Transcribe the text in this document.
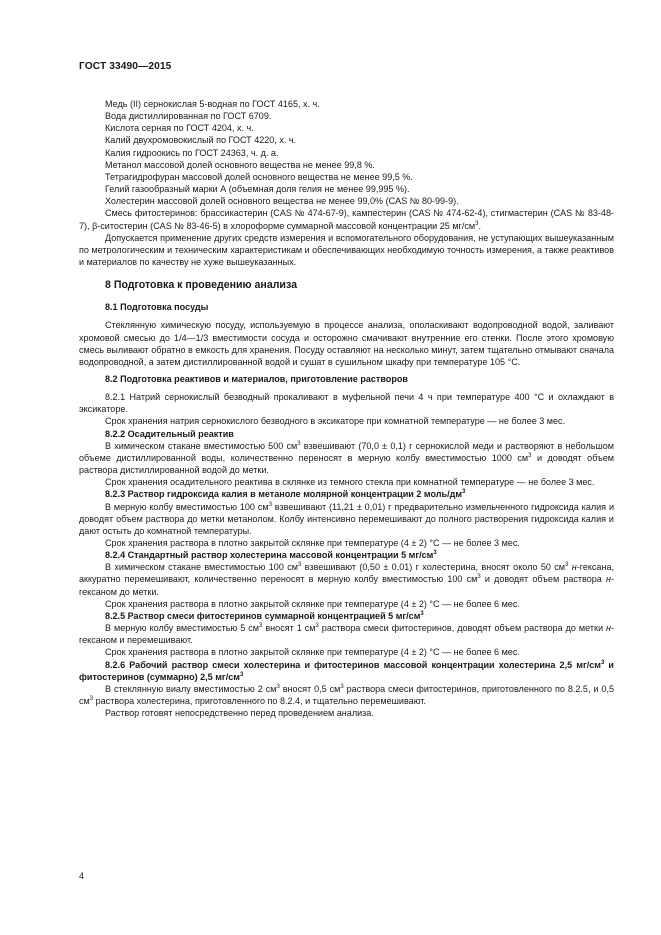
ГОСТ 33490—2015

Медь (II) сернокислая 5-водная по ГОСТ 4165, х. ч.

Вода дистиллированная по ГОСТ 6709.

Кислота серная по ГОСТ 4204, х. ч.

Калий двухромовокислый по ГОСТ 4220, х. ч.

Калия гидроокись по ГОСТ 24363, ч. д. а.

Метанол массовой долей основного вещества не менее 99,8 %.

Тетрагидрофуран массовой долей основного вещества не менее 99,5 %.

Гелий газообразный марки А (объемная доля гелия не менее 99,995 %).

Холестерин массовой долей основного вещества не менее 99,0% (CAS № 80-99-9).

Смесь фитостеринов: брассикастерин (CAS № 474-67-9), кампестерин (CAS № 474-62-4), стигмастерин (CAS № 83-48-7), β-ситостерин (CAS № 83-46-5) в хлороформе суммарной массовой концентрации 25 $мг/см^3$.

Допускается применение других средств измерения и вспомогательного оборудования, не уступающих вышеуказанным по метрологическим и техническим характеристикам и обеспечивающих необходимую точность измерения, а также реактивов и материалов по качеству не хуже вышеуказанных.

8 Подготовка к проведению анализа

8.1 Подготовка посуды

Стеклянную химическую посуду, используемую в процессе анализа, ополаскивают водопроводной водой, заливают хромовой смесью до 1/4—1/3 вместимости сосуда и осторожно смачивают внутренние его стенки. После этого хромовую смесь выливают обратно в емкость для хранения. Посуду оставляют на несколько минут, затем тщательно отмывают сначала водопроводной, а затем дистиллированной водой и сушат в сушильном шкафу при температуре 105 °С.

8.2 Подготовка реактивов и материалов, приготовление растворов

8.2.1 Натрий сернокислый безводный прокаливают в муфельной печи 4 ч при температуре 400 °С и охлаждают в эксикаторе.

Срок хранения натрия сернокислого безводного в эксикаторе при комнатной температуре — не более 3 мес.

8.2.2 Осадительный реактив

В химическом стакане вместимостью 500 $см^3$ взвешивают (70,0 ± 0,1) г сернокислой меди и растворяют в небольшом объеме дистиллированной воды, количественно переносят в мерную колбу вместимостью 1000 $см^3$ и доводят объем раствора дистиллированной водой до метки.

Срок хранения осадительного реактива в склянке из темного стекла при комнатной температуре — не более 3 мес.

8.2.3 Раствор гидроксида калия в метаноле молярной концентрации 2 моль/$дм^3$

В мерную колбу вместимостью 100 $см^3$ взвешивают (11,21 ± 0,01) г предварительно измельченного гидроксида калия и доводят объем раствора до метки метанолом. Колбу интенсивно перемешивают до полного растворения гидроксида калия и дают остыть до комнатной температуры.

Срок хранения раствора в плотно закрытой склянке при температуре (4 ± 2) °С — не более 3 мес.

8.2.4 Стандартный раствор холестерина массовой концентрации 5 $мг/см^3$

В химическом стакане вместимостью 100 $см^3$ взвешивают (0,50 ± 0,01) г холестерина, вносят около 50 $см^3$ н-гексана, аккуратно перемешивают, количественно переносят в мерную колбу вместимостью 100 $см^3$ и доводят объем раствора н-гексаном до метки.

Срок хранения раствора в плотно закрытой склянке при температуре (4 ± 2) °С — не более 6 мес.

8.2.5 Раствор смеси фитостеринов суммарной концентрацией 5 $мг/см^3$

В мерную колбу вместимостью 5 $см^3$ вносят 1 $см^3$ раствора смеси фитостеринов, доводят объем раствора до метки н-гексаном и перемешивают.

Срок хранения раствора в плотно закрытой склянке при температуре (4 ± 2) °С — не более 6 мес.

8.2.6 Рабочий раствор смеси холестерина и фитостеринов массовой концентрации холестерина 2,5 $мг/см^3$ и фитостеринов (суммарно) 2,5 $мг/см^3$

В стеклянную виалу вместимостью 2 $см^3$ вносят 0,5 $см^3$ раствора смеси фитостеринов, приготовленного по 8.2.5, и 0,5 $см^3$ раствора холестерина, приготовленного по 8.2.4, и тщательно перемешивают.

Раствор готовят непосредственно перед проведением анализа.

4
